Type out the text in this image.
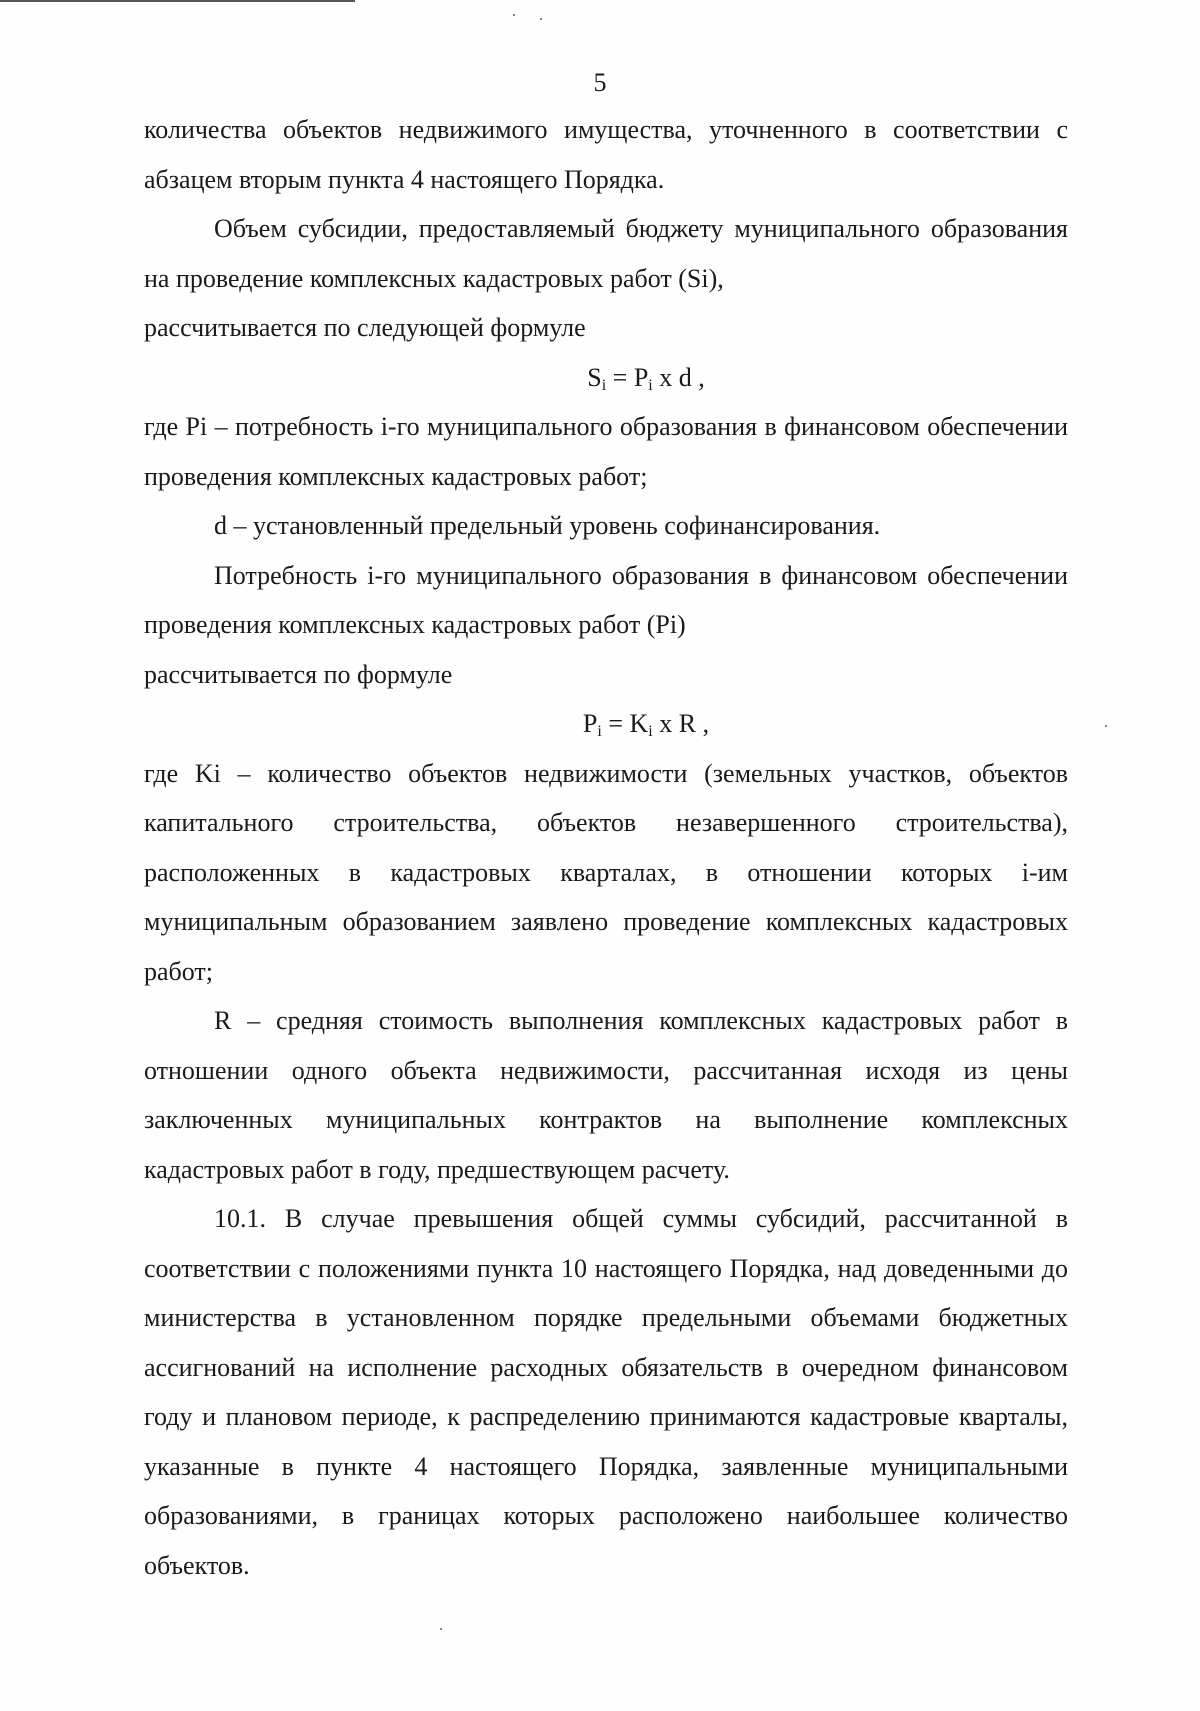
5

количества объектов недвижимого имущества, уточненного в соответствии с абзацем вторым пункта 4 настоящего Порядка.

Объем субсидии, предоставляемый бюджету муниципального образования на проведение комплексных кадастровых работ (Si),

рассчитывается по следующей формуле

$S_i = P_i$ x d ,

где Pi – потребность i-го муниципального образования в финансовом обеспечении проведения комплексных кадастровых работ;

d – установленный предельный уровень софинансирования.

Потребность i-го муниципального образования в финансовом обеспечении проведения комплексных кадастровых работ (Pi)

рассчитывается по формуле

$P_i = K_i$ x R ,

где Ki – количество объектов недвижимости (земельных участков, объектов капитального строительства, объектов незавершенного строительства), расположенных в кадастровых кварталах, в отношении которых i-им муниципальным образованием заявлено проведение комплексных кадастровых работ;

R – средняя стоимость выполнения комплексных кадастровых работ в отношении одного объекта недвижимости, рассчитанная исходя из цены заключенных муниципальных контрактов на выполнение комплексных кадастровых работ в году, предшествующем расчету.

10.1. В случае превышения общей суммы субсидий, рассчитанной в соответствии с положениями пункта 10 настоящего Порядка, над доведенными до министерства в установленном порядке предельными объемами бюджетных ассигнований на исполнение расходных обязательств в очередном финансовом году и плановом периоде, к распределению принимаются кадастровые кварталы, указанные в пункте 4 настоящего Порядка, заявленные муниципальными образованиями, в границах которых расположено наибольшее количество объектов.
